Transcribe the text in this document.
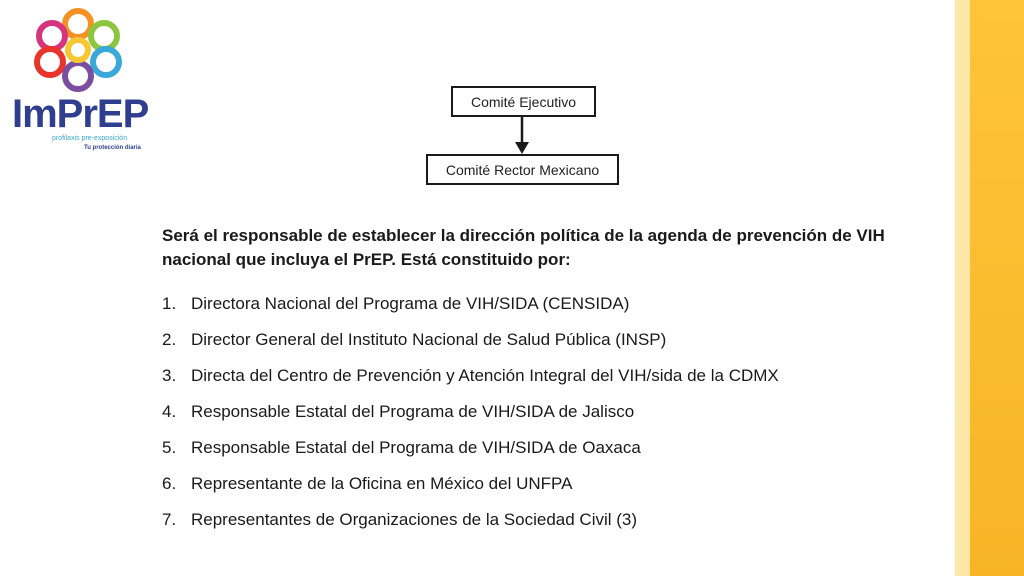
ImPrEP
profilaxis pre-exposición
Tu protección diaria
Comité Ejecutivo
Comité Rector Mexicano

Será el responsable de establecer la dirección política de la agenda de prevención de VIH nacional que incluya el PrEP. Está constituido por:

1. Directora Nacional del Programa de VIH/SIDA (CENSIDA)
2. Director General del Instituto Nacional de Salud Pública (INSP)
3. Directa del Centro de Prevención y Atención Integral del VIH/sida de la CDMX
4. Responsable Estatal del Programa de VIH/SIDA de Jalisco
5. Responsable Estatal del Programa de VIH/SIDA de Oaxaca
6. Representante de la Oficina en México del UNFPA
7. Representantes de Organizaciones de la Sociedad Civil (3)
